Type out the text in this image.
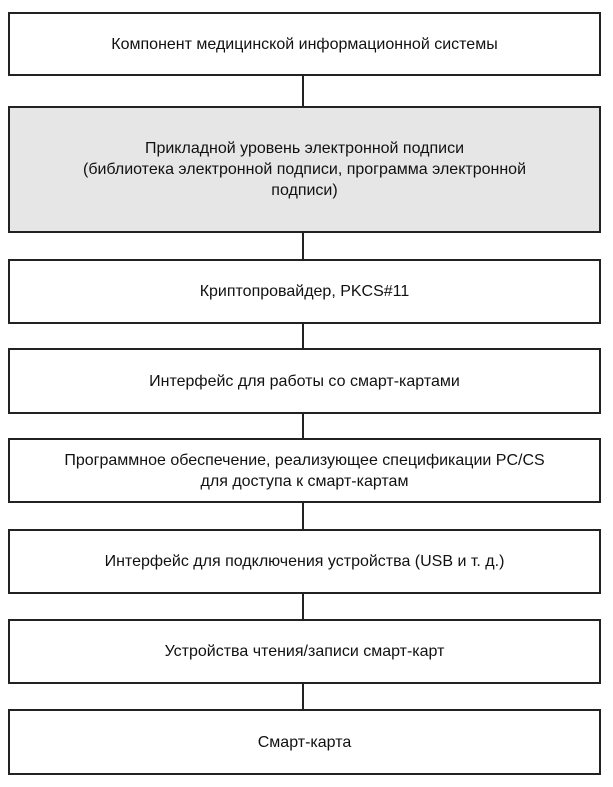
Компонент медицинской информационной системы
Прикладной уровень электронной подписи
(библиотека электронной подписи, программа электронной
подписи)
Криптопровайдер, PKCS#11
Интерфейс для работы со смарт-картами
Программное обеспечение, реализующее спецификации PC/CS
для доступа к смарт-картам
Интерфейс для подключения устройства (USB и т. д.)
Устройства чтения/записи смарт-карт
Смарт-карта
